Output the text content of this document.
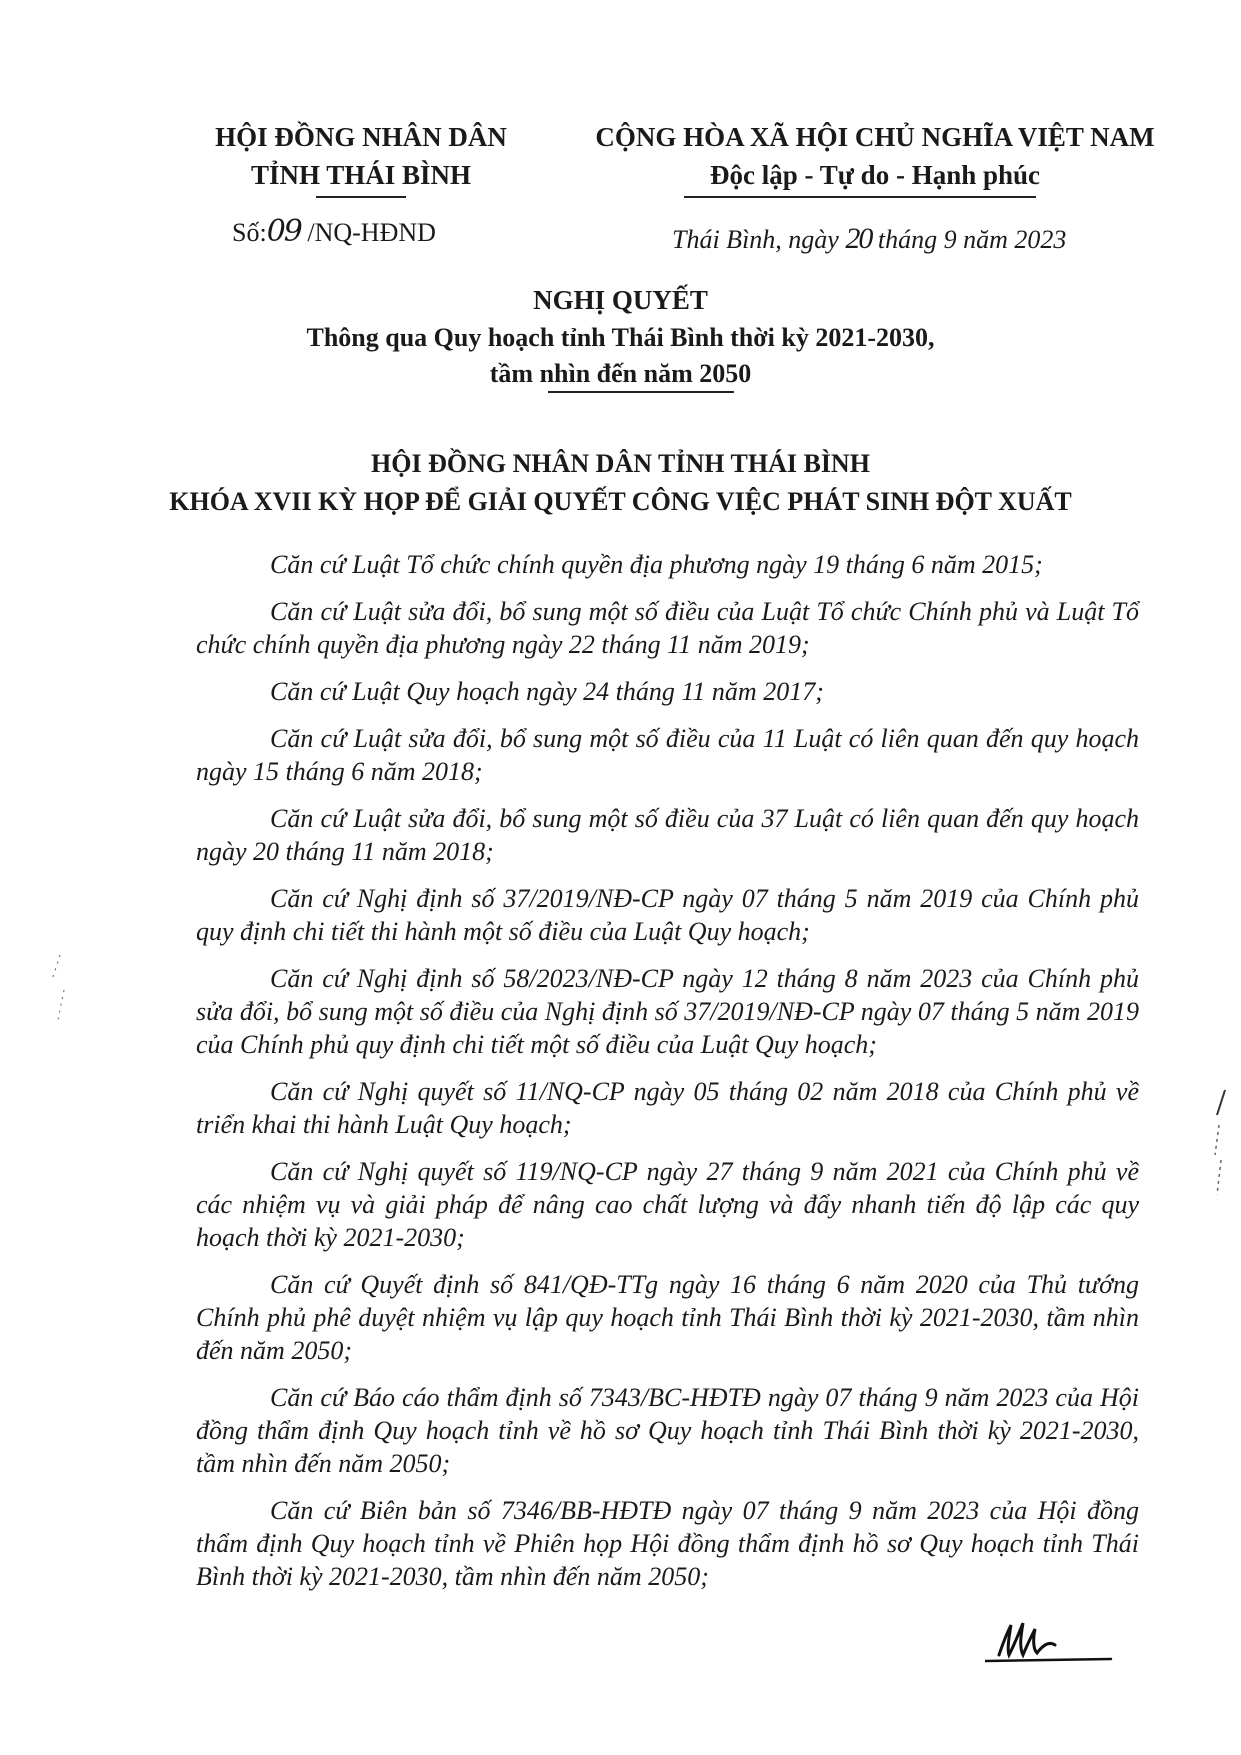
HỘI ĐỒNG NHÂN DÂN
TỈNH THÁI BÌNH
CỘNG HÒA XÃ HỘI CHỦ NGHĨA VIỆT NAM
Độc lập - Tự do - Hạnh phúc
Số:09 /NQ-HĐND	Thái Bình, ngày 20 tháng 9 năm 2023
NGHỊ QUYẾT
Thông qua Quy hoạch tỉnh Thái Bình thời kỳ 2021-2030,
tầm nhìn đến năm 2050
HỘI ĐỒNG NHÂN DÂN TỈNH THÁI BÌNH
KHÓA XVII KỲ HỌP ĐỂ GIẢI QUYẾT CÔNG VIỆC PHÁT SINH ĐỘT XUẤT

Căn cứ Luật Tổ chức chính quyền địa phương ngày 19 tháng 6 năm 2015;

Căn cứ Luật sửa đổi, bổ sung một số điều của Luật Tổ chức Chính phủ và Luật Tổ chức chính quyền địa phương ngày 22 tháng 11 năm 2019;

Căn cứ Luật Quy hoạch ngày 24 tháng 11 năm 2017;

Căn cứ Luật sửa đổi, bổ sung một số điều của 11 Luật có liên quan đến quy hoạch ngày 15 tháng 6 năm 2018;

Căn cứ Luật sửa đổi, bổ sung một số điều của 37 Luật có liên quan đến quy hoạch ngày 20 tháng 11 năm 2018;

Căn cứ Nghị định số 37/2019/NĐ-CP ngày 07 tháng 5 năm 2019 của Chính phủ quy định chi tiết thi hành một số điều của Luật Quy hoạch;

Căn cứ Nghị định số 58/2023/NĐ-CP ngày 12 tháng 8 năm 2023 của Chính phủ sửa đổi, bổ sung một số điều của Nghị định số 37/2019/NĐ-CP ngày 07 tháng 5 năm 2019 của Chính phủ quy định chi tiết một số điều của Luật Quy hoạch;

Căn cứ Nghị quyết số 11/NQ-CP ngày 05 tháng 02 năm 2018 của Chính phủ về triển khai thi hành Luật Quy hoạch;

Căn cứ Nghị quyết số 119/NQ-CP ngày 27 tháng 9 năm 2021 của Chính phủ về các nhiệm vụ và giải pháp để nâng cao chất lượng và đẩy nhanh tiến độ lập các quy hoạch thời kỳ 2021-2030;

Căn cứ Quyết định số 841/QĐ-TTg ngày 16 tháng 6 năm 2020 của Thủ tướng Chính phủ phê duyệt nhiệm vụ lập quy hoạch tỉnh Thái Bình thời kỳ 2021-2030, tầm nhìn đến năm 2050;

Căn cứ Báo cáo thẩm định số 7343/BC-HĐTĐ ngày 07 tháng 9 năm 2023 của Hội đồng thẩm định Quy hoạch tỉnh về hồ sơ Quy hoạch tỉnh Thái Bình thời kỳ 2021-2030, tầm nhìn đến năm 2050;

Căn cứ Biên bản số 7346/BB-HĐTĐ ngày 07 tháng 9 năm 2023 của Hội đồng thẩm định Quy hoạch tỉnh về Phiên họp Hội đồng thẩm định hồ sơ Quy hoạch tỉnh Thái Bình thời kỳ 2021-2030, tầm nhìn đến năm 2050;
